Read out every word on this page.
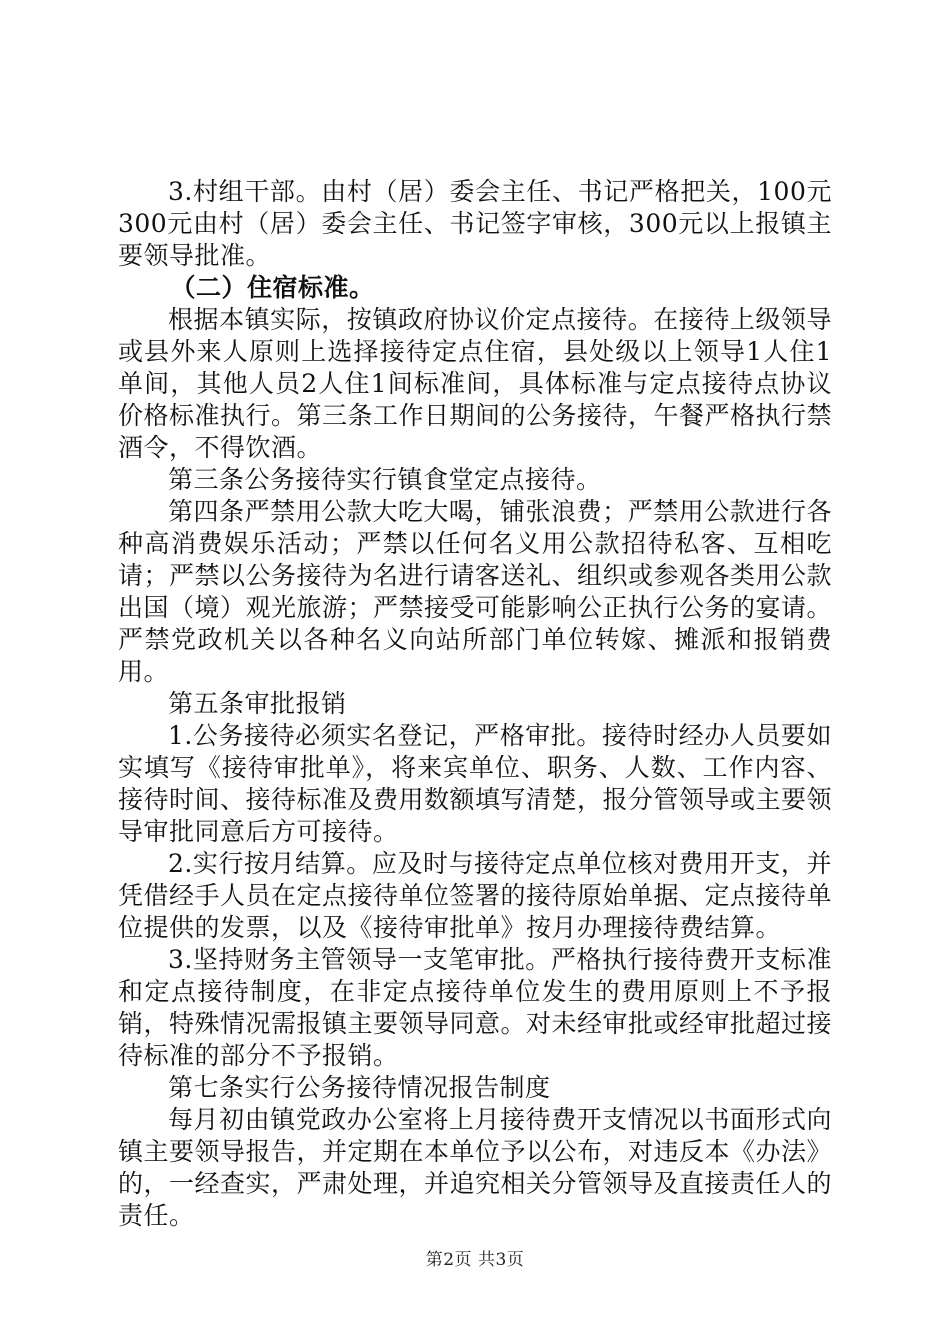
3.村组干部。由村（居）委会主任、书记严格把关，100元300元由村（居）委会主任、书记签字审核，300元以上报镇主要领导批准。

（二）住宿标准。

根据本镇实际，按镇政府协议价定点接待。在接待上级领导或县外来人原则上选择接待定点住宿，县处级以上领导1人住1单间，其他人员2人住1间标准间，具体标准与定点接待点协议价格标准执行。第三条工作日期间的公务接待，午餐严格执行禁酒令，不得饮酒。

第三条公务接待实行镇食堂定点接待。

第四条严禁用公款大吃大喝，铺张浪费；严禁用公款进行各种高消费娱乐活动；严禁以任何名义用公款招待私客、互相吃请；严禁以公务接待为名进行请客送礼、组织或参观各类用公款出国（境）观光旅游；严禁接受可能影响公正执行公务的宴请。严禁党政机关以各种名义向站所部门单位转嫁、摊派和报销费用。

第五条审批报销

1.公务接待必须实名登记，严格审批。接待时经办人员要如实填写《接待审批单》，将来宾单位、职务、人数、工作内容、接待时间、接待标准及费用数额填写清楚，报分管领导或主要领导审批同意后方可接待。

2.实行按月结算。应及时与接待定点单位核对费用开支，并凭借经手人员在定点接待单位签署的接待原始单据、定点接待单位提供的发票，以及《接待审批单》按月办理接待费结算。

3.坚持财务主管领导一支笔审批。严格执行接待费开支标准和定点接待制度，在非定点接待单位发生的费用原则上不予报销，特殊情况需报镇主要领导同意。对未经审批或经审批超过接待标准的部分不予报销。

第七条实行公务接待情况报告制度

每月初由镇党政办公室将上月接待费开支情况以书面形式向镇主要领导报告，并定期在本单位予以公布，对违反本《办法》的，一经查实，严肃处理，并追究相关分管领导及直接责任人的责任。

第2页 共3页
